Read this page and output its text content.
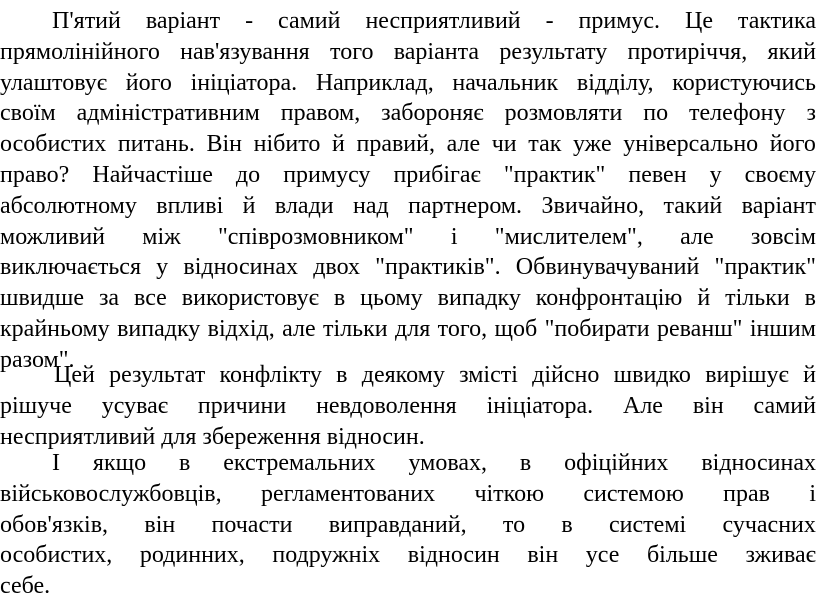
П'ятий варіант - самий несприятливий - примус. Це тактика
прямолінійного нав'язування того варіанта результату протиріччя, який
улаштовує його ініціатора. Наприклад, начальник відділу, користуючись
своїм адміністративним правом, забороняє розмовляти по телефону з
особистих питань. Він нібито й правий, але чи так уже універсально його
право? Найчастіше до примусу прибігає "практик" певен у своєму
абсолютному впливі й влади над партнером. Звичайно, такий варіант
можливий між "співрозмовником" і "мислителем", але зовсім
виключається у відносинах двох "практиків". Обвинувачуваний "практик"
швидше за все використовує в цьому випадку конфронтацію й тільки в
крайньому випадку відхід, але тільки для того, щоб "побирати реванш" іншим
разом".
Цей результат конфлікту в деякому змісті дійсно швидко вирішує й
рішуче усуває причини невдоволення ініціатора. Але він самий
несприятливий для збереження відносин.
І якщо в екстремальних умовах, в офіційних відносинах
військовослужбовців, регламентованих чіткою системою прав і
обов'язків, він почасти виправданий, то в системі сучасних
особистих, родинних, подружніх відносин він усе більше зживає
себе.
